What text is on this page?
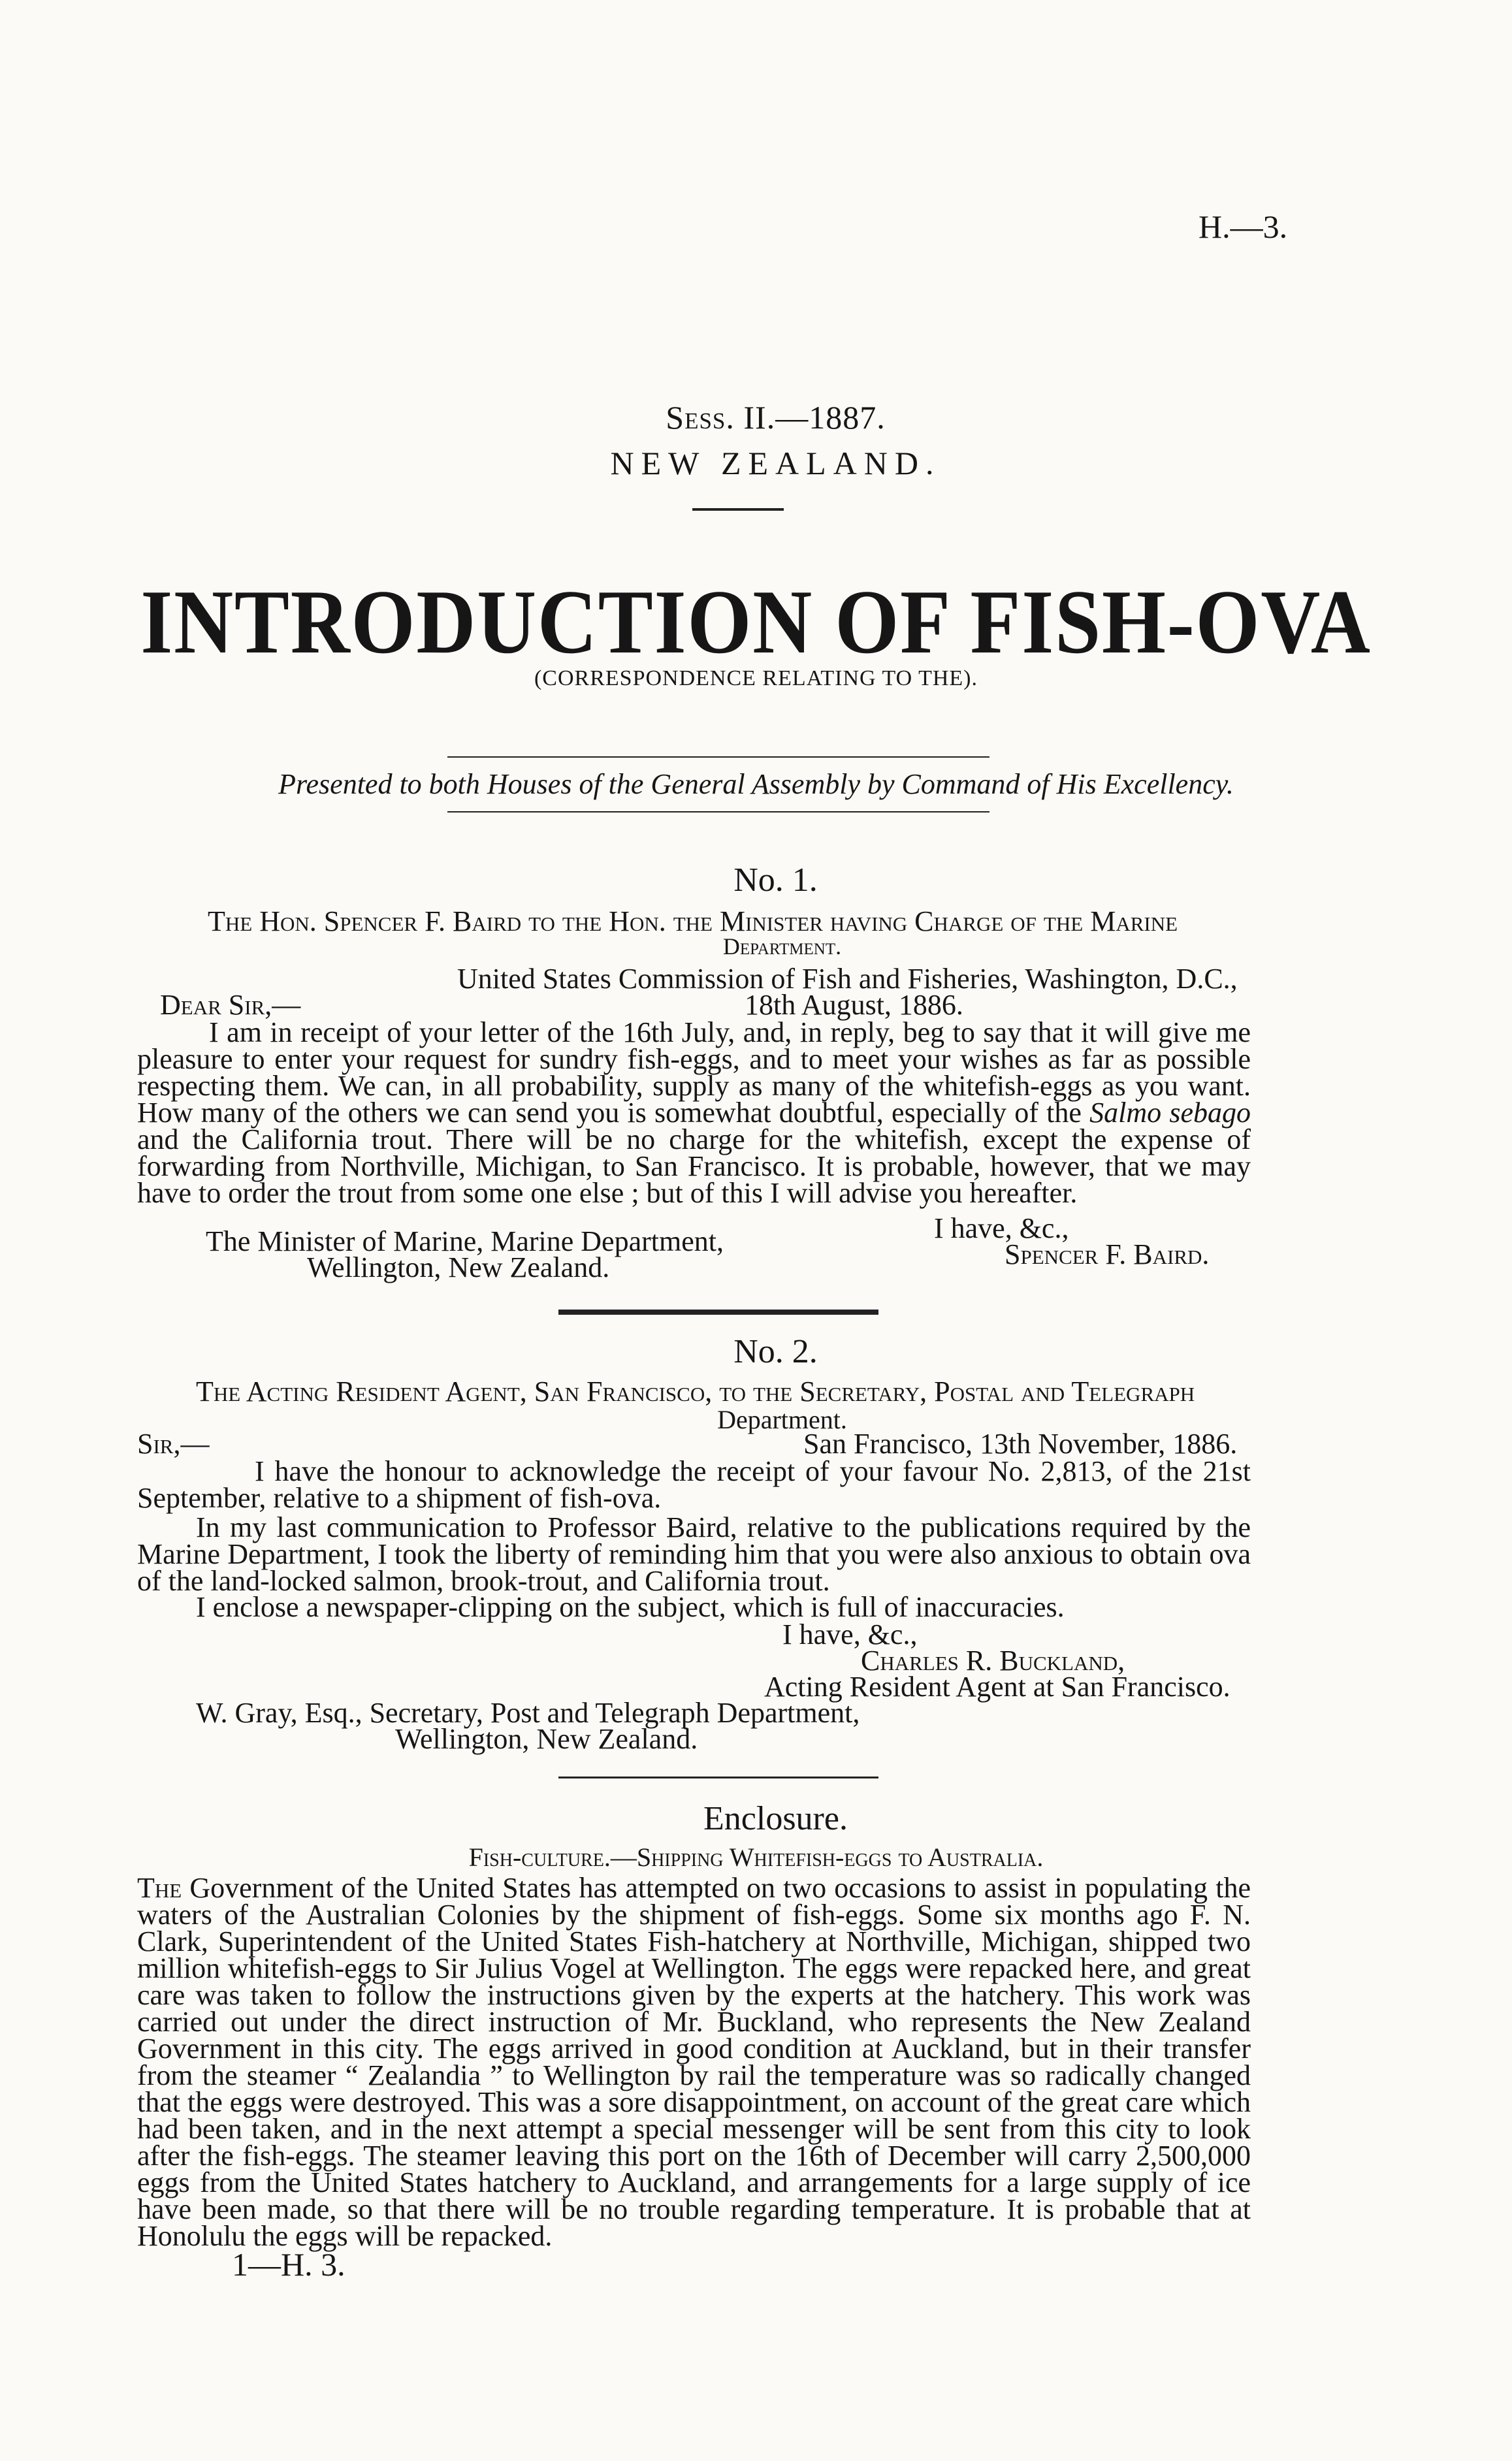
H.—3.
Sess. II.—1887.
NEW ZEALAND.
INTRODUCTION OF FISH-OVA
(CORRESPONDENCE RELATING TO THE).
Presented to both Houses of the General Assembly by Command of His Excellency.
No. 1.
The Hon. Spencer F. Baird to the Hon. the Minister having Charge of the Marine
Department.
United States Commission of Fish and Fisheries, Washington, D.C.,
Dear Sir,—	18th August, 1886.
I am in receipt of your letter of the 16th July, and, in reply, beg to say that it will give me pleasure to enter your request for sundry fish-eggs, and to meet your wishes as far as possible respecting them. We can, in all probability, supply as many of the whitefish-eggs as you want. How many of the others we can send you is somewhat doubtful, especially of the Salmo sebago and the California trout. There will be no charge for the whitefish, except the expense of forwarding from Northville, Michigan, to San Francisco. It is probable, however, that we may have to order the trout from some one else ; but of this I will advise you hereafter.
I have, &c.,
Spencer F. Baird.
The Minister of Marine, Marine Department,
Wellington, New Zealand.
No. 2.
The Acting Resident Agent, San Francisco, to the Secretary, Postal and Telegraph
Department.
Sir,—	San Francisco, 13th November, 1886.
I have the honour to acknowledge the receipt of your favour No. 2,813, of the 21st September, relative to a shipment of fish-ova.
In my last communication to Professor Baird, relative to the publications required by the Marine Department, I took the liberty of reminding him that you were also anxious to obtain ova of the land-locked salmon, brook-trout, and California trout.
I enclose a newspaper-clipping on the subject, which is full of inaccuracies.
I have, &c.,
Charles R. Buckland,
Acting Resident Agent at San Francisco.
W. Gray, Esq., Secretary, Post and Telegraph Department,
Wellington, New Zealand.
Enclosure.
Fish-culture.—Shipping Whitefish-eggs to Australia.
The Government of the United States has attempted on two occasions to assist in populating the waters of the Australian Colonies by the shipment of fish-eggs. Some six months ago F. N. Clark, Superintendent of the United States Fish-hatchery at Northville, Michigan, shipped two million whitefish-eggs to Sir Julius Vogel at Wellington. The eggs were repacked here, and great care was taken to follow the instructions given by the experts at the hatchery. This work was carried out under the direct instruction of Mr. Buckland, who represents the New Zealand Government in this city. The eggs arrived in good condition at Auckland, but in their transfer from the steamer “ Zealandia ” to Wellington by rail the temperature was so radically changed that the eggs were destroyed. This was a sore disappointment, on account of the great care which had been taken, and in the next attempt a special messenger will be sent from this city to look after the fish-eggs. The steamer leaving this port on the 16th of December will carry 2,500,000 eggs from the United States hatchery to Auckland, and arrangements for a large supply of ice have been made, so that there will be no trouble regarding temperature. It is probable that at Honolulu the eggs will be repacked.
1—H. 3.
